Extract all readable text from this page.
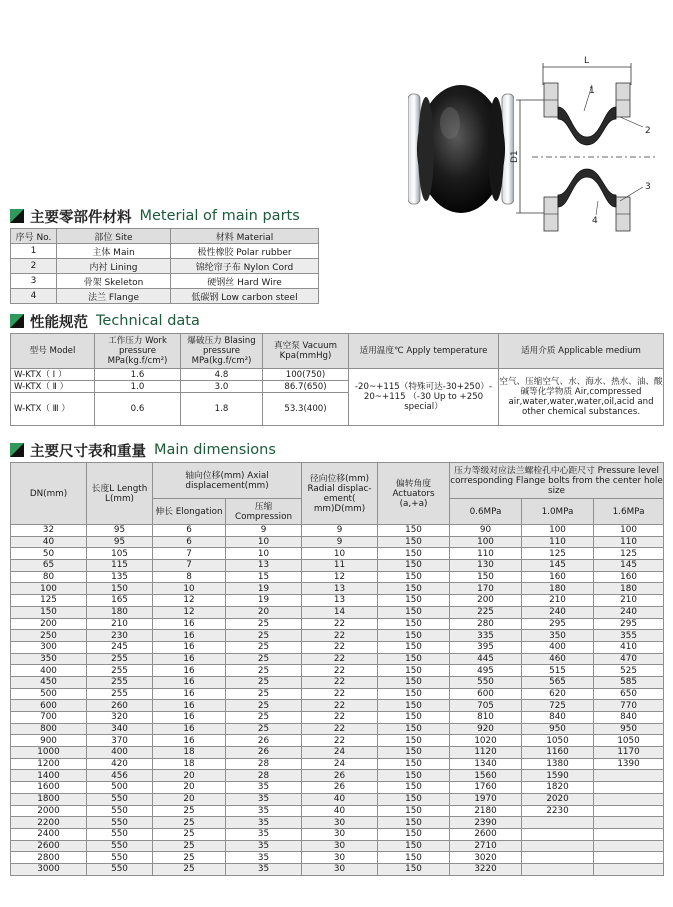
L
1
2
D1
3
4
主要零部件材料 Meterial of main parts
序号 No.	部位 Site	材料 Material
1	主体 Main	极性橡胶 Polar rubber
2	内衬 Lining	锦纶帘子布 Nylon Cord
3	骨架 Skeleton	硬钢丝 Hard Wire
4	法兰 Flange	低碳钢 Low carbon steel
性能规范 Technical data
型号 Model	工作压力 Work pressure MPa(kg.f/cm²)	爆破压力 Blasing pressure MPa(kg.f/cm²)	真空泵 Vacuum Kpa(mmHg)	适用温度℃ Apply temperature	适用介质 Applicable medium
W-KTX（ Ⅰ ）	1.6	4.8	100(750)	-20~+115（特殊可达-30+250）- 20~+115 （-30 Up to +250 special）	空气、压缩空气、水、海水、热水、油、酸碱等化学物质 Air,compressed air,water,water,water,oil,acid and other chemical substances.
W-KTX（ Ⅱ ）	1.0	3.0	86.7(650)		
W-KTX（ Ⅲ ）	0.6	1.8	53.3(400)		
主要尺寸表和重量 Main dimensions
DN(mm)	长度L Length L(mm)	轴向位移(mm) Axial displacement(mm)		径向位移(mm) Radial displac-ement( mm)D(mm)	偏转角度 Actuators (a,+a)	压力等级对应法兰螺栓孔中心距尺寸 Pressure level corresponding Flange bolts from the center hole size		
		伸长 Elongation	压缩 Compression			0.6MPa	1.0MPa	1.6MPa
32	95	6	9	9	150	90	100	100
40	95	6	10	9	150	100	110	110
50	105	7	10	10	150	110	125	125
65	115	7	13	11	150	130	145	145
80	135	8	15	12	150	150	160	160
100	150	10	19	13	150	170	180	180
125	165	12	19	13	150	200	210	210
150	180	12	20	14	150	225	240	240
200	210	16	25	22	150	280	295	295
250	230	16	25	22	150	335	350	355
300	245	16	25	22	150	395	400	410
350	255	16	25	22	150	445	460	470
400	255	16	25	22	150	495	515	525
450	255	16	25	22	150	550	565	585
500	255	16	25	22	150	600	620	650
600	260	16	25	22	150	705	725	770
700	320	16	25	22	150	810	840	840
800	340	16	25	22	150	920	950	950
900	370	16	26	22	150	1020	1050	1050
1000	400	18	26	24	150	1120	1160	1170
1200	420	18	28	24	150	1340	1380	1390
1400	456	20	28	26	150	1560	1590	
1600	500	20	35	26	150	1760	1820	
1800	550	20	35	40	150	1970	2020	
2000	550	25	35	40	150	2180	2230	
2200	550	25	35	30	150	2390		
2400	550	25	35	30	150	2600		
2600	550	25	35	30	150	2710		
2800	550	25	35	30	150	3020		
3000	550	25	35	30	150	3220		
